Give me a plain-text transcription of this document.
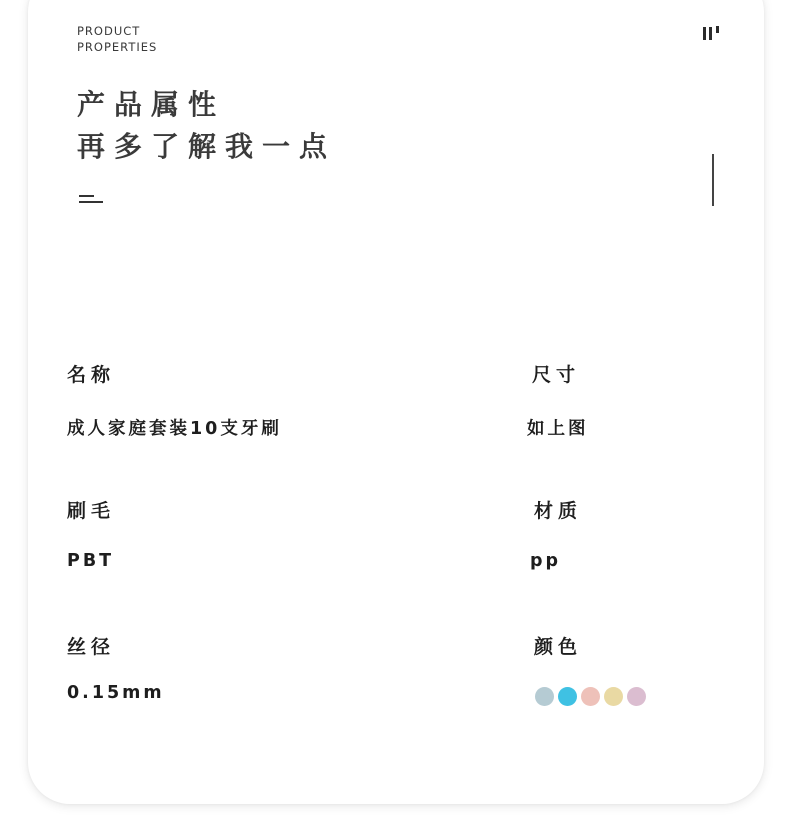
PRODUCT
PROPERTIES
产品属性
再多了解我一点
名称
成人家庭套装10支牙刷
刷毛
PBT
丝径
0.15mm
尺寸
如上图
材质
pp
颜色
